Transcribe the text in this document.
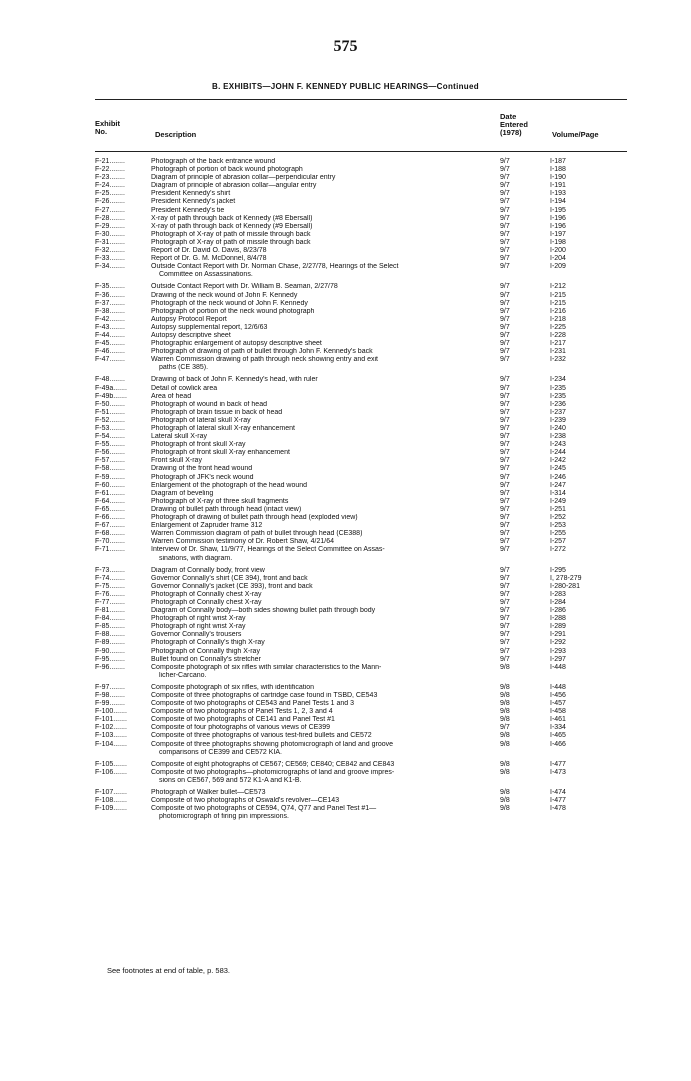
575
B. EXHIBITS—JOHN F. KENNEDY PUBLIC HEARINGS—Continued
Exhibit
No.	Description
Date
Entered
(1978)	Volume/Page
F-21........	Photograph of the back entrance wound	9/7	I-187
F-22........	Photograph of portion of back wound photograph	9/7	I-188
F-23........	Diagram of principle of abrasion collar—perpendicular entry	9/7	I-190
F-24........	Diagram of principle of abrasion collar—angular entry	9/7	I-191
F-25........	President Kennedy's shirt	9/7	I-193
F-26........	President Kennedy's jacket	9/7	I-194
F-27........	President Kennedy's tie	9/7	I-195
F-28........	X-ray of path through back of Kennedy (#8 Ebersall)	9/7	I-196
F-29........	X-ray of path through back of Kennedy (#9 Ebersall)	9/7	I-196
F-30........	Photograph of X-ray of path of missile through back	9/7	I-197
F-31........	Photograph of X-ray of path of missile through back	9/7	I-198
F-32........	Report of Dr. David O. Davis, 8/23/78	9/7	I-200
F-33........	Report of Dr. G. M. McDonnel, 8/4/78	9/7	I-204
F-34........	Outside Contact Report with Dr. Norman Chase, 2/27/78, Hearings of the Select	9/7	I-209
Committee on Assassinations.
F-35........	Outside Contact Report with Dr. William B. Seaman, 2/27/78	9/7	I-212
F-36........	Drawing of the neck wound of John F. Kennedy	9/7	I-215
F-37........	Photograph of the neck wound of John F. Kennedy	9/7	I-215
F-38........	Photograph of portion of the neck wound photograph	9/7	I-216
F-42........	Autopsy Protocol Report	9/7	I-218
F-43........	Autopsy supplemental report, 12/6/63	9/7	I-225
F-44........	Autopsy descriptive sheet	9/7	I-228
F-45........	Photographic enlargement of autopsy descriptive sheet	9/7	I-217
F-46........	Photograph of drawing of path of bullet through John F. Kennedy's back	9/7	I-231
F-47........	Warren Commission drawing of path through neck showing entry and exit	9/7	I-232
paths (CE 385).
F-48........	Drawing of back of John F. Kennedy's head, with ruler	9/7	I-234
F-49a.......	Detail of cowlick area	9/7	I-235
F-49b.......	Area of head	9/7	I-235
F-50........	Photograph of wound in back of head	9/7	I-236
F-51........	Photograph of brain tissue in back of head	9/7	I-237
F-52........	Photograph of lateral skull X-ray	9/7	I-239
F-53........	Photograph of lateral skull X-ray enhancement	9/7	I-240
F-54........	Lateral skull X-ray	9/7	I-238
F-55........	Photograph of front skull X-ray	9/7	I-243
F-56........	Photograph of front skull X-ray enhancement	9/7	I-244
F-57........	Front skull X-ray	9/7	I-242
F-58........	Drawing of the front head wound	9/7	I-245
F-59........	Photograph of JFK's neck wound	9/7	I-246
F-60........	Enlargement of the photograph of the head wound	9/7	I-247
F-61........	Diagram of beveling	9/7	I-314
F-64........	Photograph of X-ray of three skull fragments	9/7	I-249
F-65........	Drawing of bullet path through head (intact view)	9/7	I-251
F-66........	Photograph of drawing of bullet path through head (exploded view)	9/7	I-252
F-67........	Enlargement of Zapruder frame 312	9/7	I-253
F-68........	Warren Commission diagram of path of bullet through head (CE388)	9/7	I-255
F-70........	Warren Commission testimony of Dr. Robert Shaw, 4/21/64	9/7	I-257
F-71........	Interview of Dr. Shaw, 11/9/77, Hearings of the Select Committee on Assas-	9/7	I-272
sinations, with diagram.
F-73........	Diagram of Connally body, front view	9/7	I-295
F-74........	Governor Connally's shirt (CE 394), front and back	9/7	I, 278-279
F-75........	Governor Connally's jacket (CE 393), front and back	9/7	I-280-281
F-76........	Photograph of Connally chest X-ray	9/7	I-283
F-77........	Photograph of Connally chest X-ray	9/7	I-284
F-81........	Diagram of Connally body—both sides showing bullet path through body	9/7	I-286
F-84........	Photograph of right wrist X-ray	9/7	I-288
F-85........	Photograph of right wrist X-ray	9/7	I-289
F-88........	Governor Connally's trousers	9/7	I-291
F-89........	Photograph of Connally's thigh X-ray	9/7	I-292
F-90........	Photograph of Connally thigh X-ray	9/7	I-293
F-95........	Bullet found on Connally's stretcher	9/7	I-297
F-96........	Composite photograph of six rifles with similar characteristics to the Mann-	9/8	I-448
licher-Carcano.
F-97........	Composite photograph of six rifles, with identification	9/8	I-448
F-98........	Composite of three photographs of cartridge case found in TSBD, CE543	9/8	I-456
F-99........	Composite of two photographs of CE543 and Panel Tests 1 and 3	9/8	I-457
F-100.......	Composite of two photographs of Panel Tests 1, 2, 3 and 4	9/8	I-458
F-101.......	Composite of two photographs of CE141 and Panel Test #1	9/8	I-461
F-102.......	Composite of four photographs of various views of CE399	9/7	I-334
F-103.......	Composite of three photographs of various test-fired bullets and CE572	9/8	I-465
F-104.......	Composite of three photographs showing photomicrograph of land and groove	9/8	I-466
comparisons of CE399 and CE572 KIA.
F-105.......	Composite of eight photographs of CE567; CE569; CE840; CE842 and CE843	9/8	I-477
F-106.......	Composite of two photographs—photomicrographs of land and groove impres-	9/8	I-473
sions on CE567, 569 and 572 K1-A and K1-B.
F-107.......	Photograph of Walker bullet—CE573	9/8	I-474
F-108.......	Composite of two photographs of Oswald's revolver—CE143	9/8	I-477
F-109.......	Composite of two photographs of CE594, Q74, Q77 and Panel Test #1—	9/8	I-478
photomicrograph of firing pin impressions.
See footnotes at end of table, p. 583.
